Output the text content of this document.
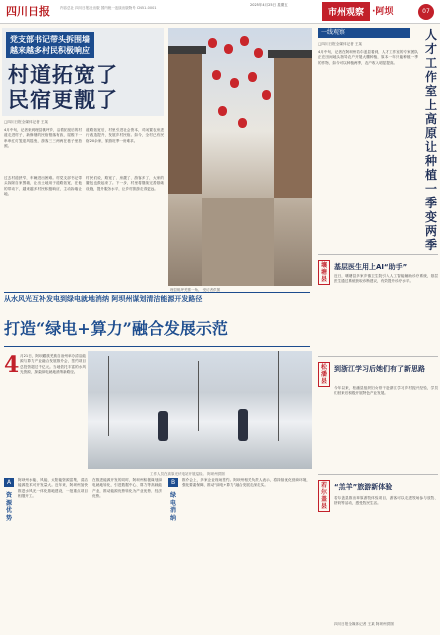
四川日报	内容总社 四川日报社出版 国内统一连续出版物号 CN51-0001
2025年4月25日 星期五
市州观察 ·阿坝	07
党支部书记带头拆围墙
越来越多村民积极响应
村道拓宽了
民宿更靓了
□四川日报全媒体记者 王某
4月中旬，记者来到理县桃坪乡，沿着拓宽后的村道走进村子，新修缮的民宿错落有致，屋檐下一串串红灯笼迎风摇曳，游客三三两两在巷子里拍照。
过去村道狭窄，车辆进出困难。村党支部书记带头拆除自家围墙，让出土地用于道路拓宽，在他的带动下，越来越多村民积极响应，主动拆墙让地。
道路拓宽后，村里引进社会资本，对闲置农房进行改造提升，发展乡村民宿。如今，全村已有民宿20余家，旅游旺季一房难求。
村民们说，路宽了、房靓了、游客多了，大家的腰包也鼓起来了。下一步，村里将继续完善基础设施，提升服务水平，让乡村旅游走得更远。
理县桃坪羌寨一角。 受访者供图
从水风光互补发电到绿电就地消纳 阿坝州谋划清洁能源开发路径
打造“绿电+算力”融合发展示范
4 月21日，阿坝藏族羌族自治州举办清洁能源与算力产业融合发展推介会，签约项目总投资超过千亿元。当地依托丰富的水风光资源，探索绿电就地消纳新路径。
工作人员在高原光伏电站开展巡检。 阿坝州供图
A
资源优势
阿坝州水能、风能、太阳能资源富集，清洁能源技术可开发量大。近年来，阿坝州加快推进水风光一体化基地建设，一批重点项目相继开工。
在推进能源开发的同时，阿坝州积极谋划绿电就地转化，引进数据中心、算力等高载能产业，推动能源优势转化为产业优势、经济优势。
B
绿电消纳
推介会上，多家企业现场签约。阿坝州相关负责人表示，将持续优化营商环境，强化要素保障，推动“绿电+算力”融合发展走深走实。
一线观察	人
才
工
作
室
上
高
原
让
种
植
一
季
变
两
季
□四川日报全媒体记者 王某
4月中旬，记者在阿坝州若尔盖县看到，人才工作室的专家团队正在田间地头指导农户开展大棚种植，原本一年只能种植一季的作物，如今可以种植两季，农户收入明显提高。
壤塘县
基层医生用上AI“助手”
近日，壤塘县多家乡镇卫生院引入人工智能辅助诊疗系统，基层医生通过系统获取诊断建议，有效提升诊疗水平。
松潘县
到浙江学习后她们有了新思路
今年以来，松潘县组织妇女骨干赴浙江学习乡村振兴经验，学员们回来后积极开展特色产业发展。
若尔盖县
“羔羊”旅游新体验
若尔盖县推出草原游牧体验项目，游客可以走进牧场参与放牧、挤奶等活动，感受牧民生活。
四川日报全媒体记者 王某 阿坝州供图
